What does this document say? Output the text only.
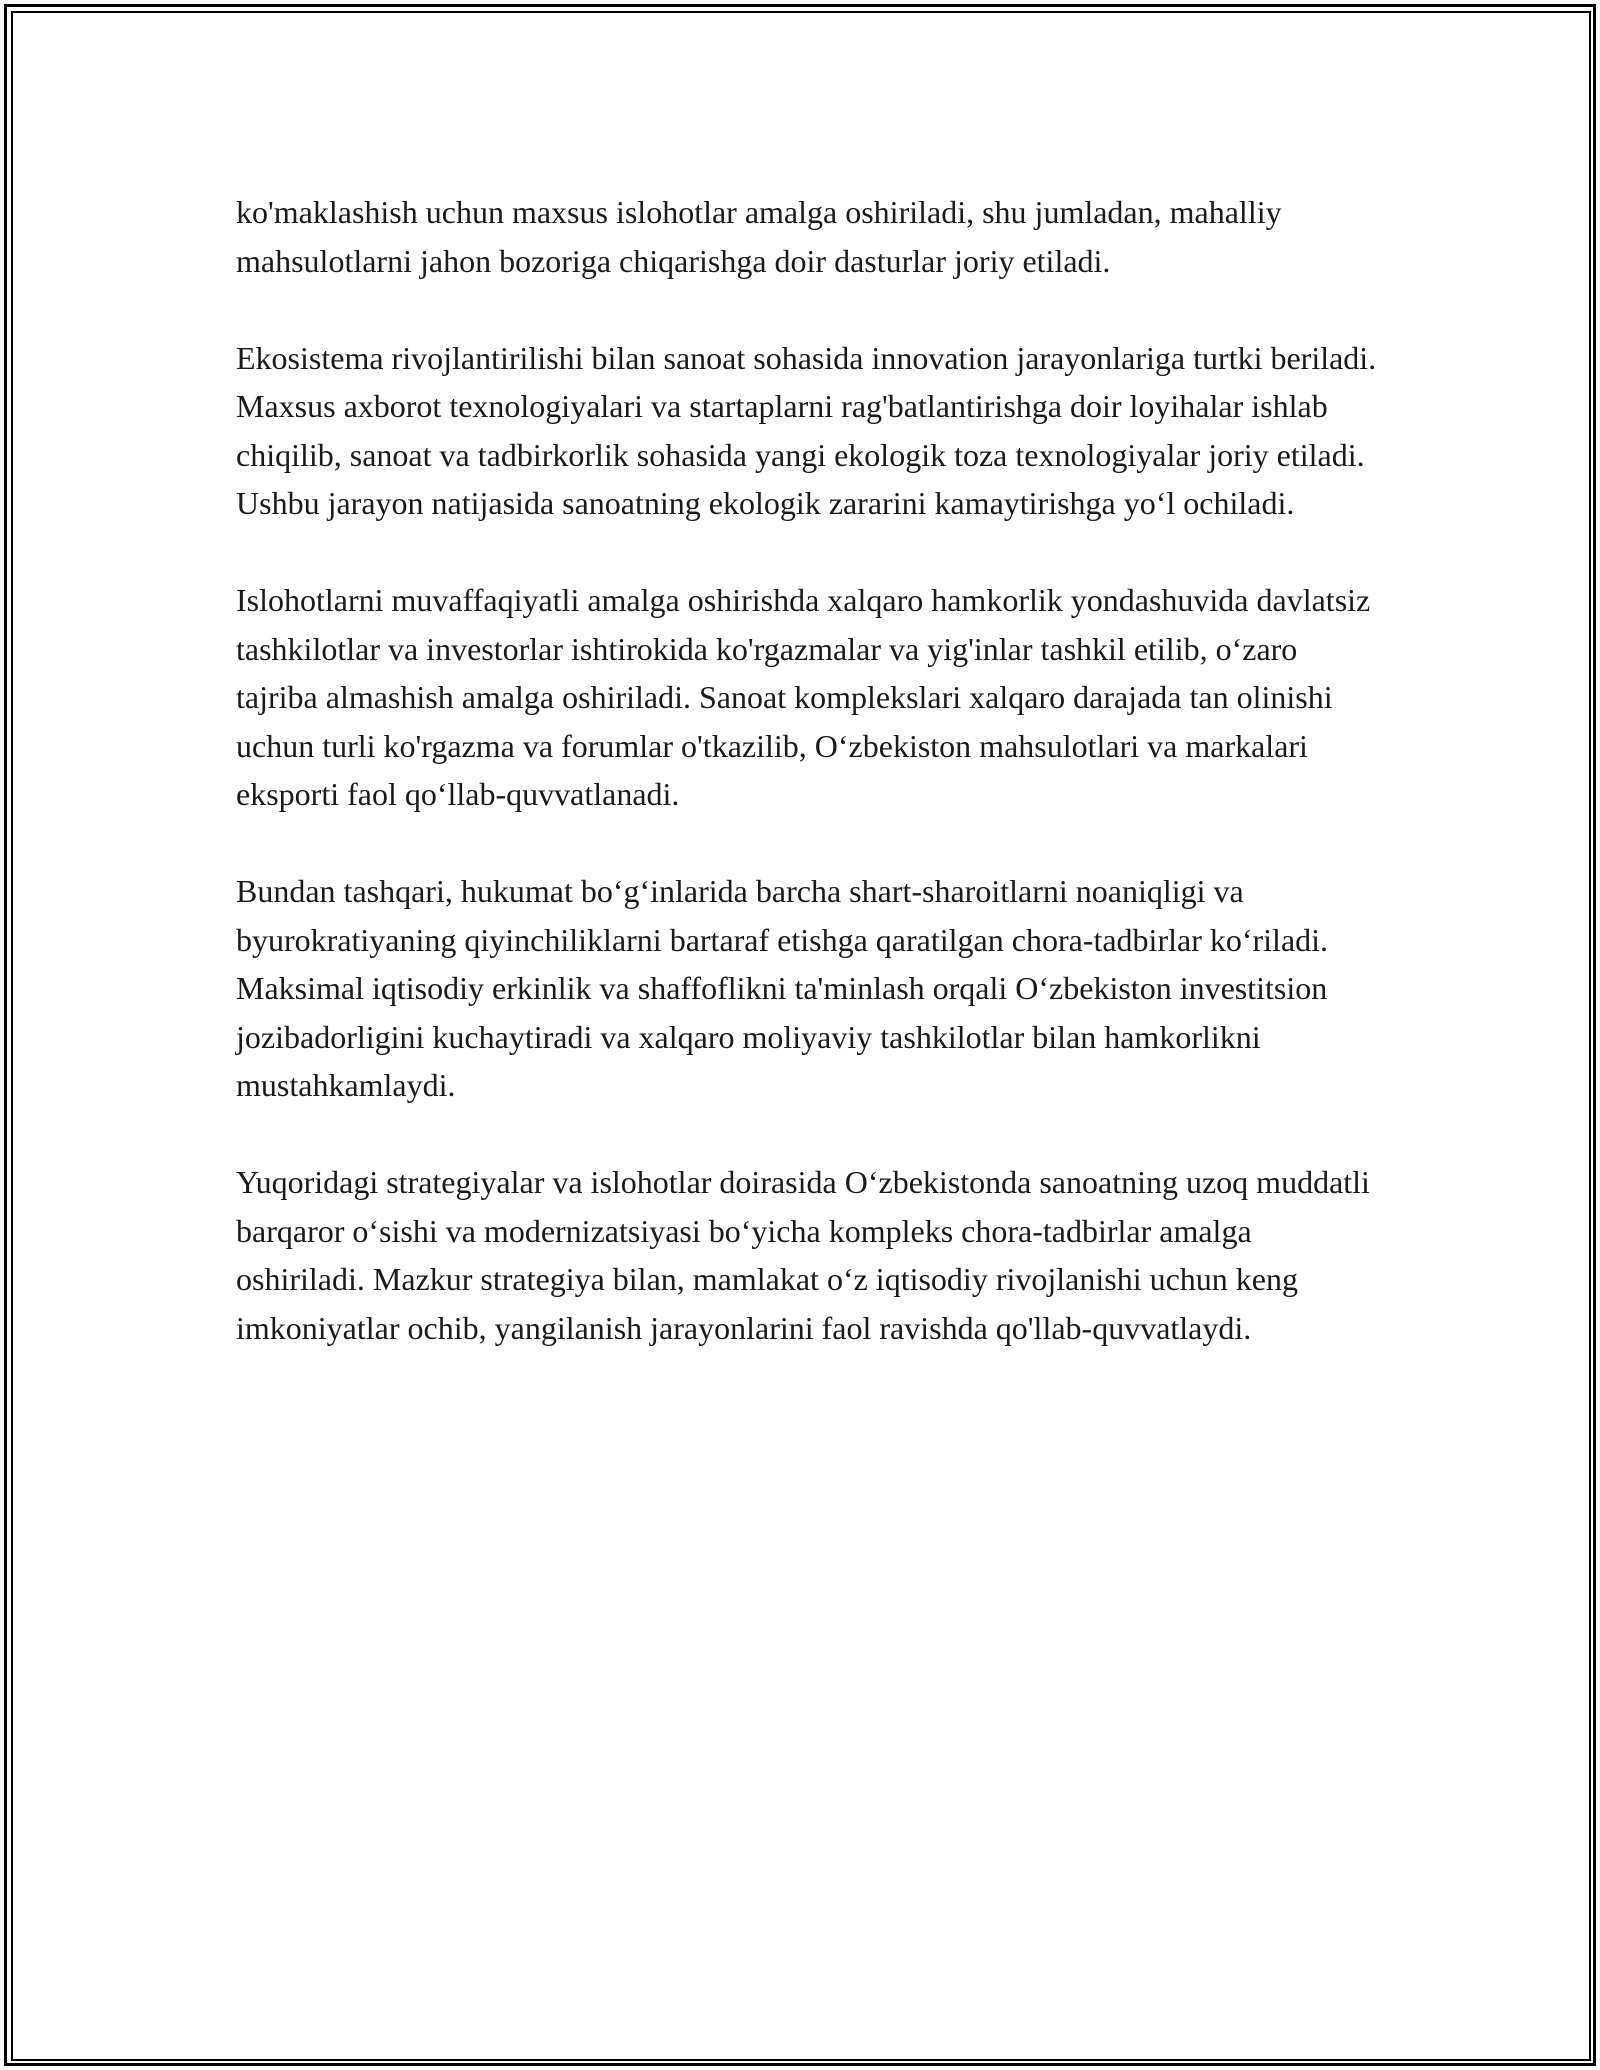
ko'maklashish uchun maxsus islohotlar amalga oshiriladi, shu jumladan, mahalliy mahsulotlarni jahon bozoriga chiqarishga doir dasturlar joriy etiladi.

Ekosistema rivojlantirilishi bilan sanoat sohasida innovation jarayonlariga turtki beriladi. Maxsus axborot texnologiyalari va startaplarni rag'batlantirishga doir loyihalar ishlab chiqilib, sanoat va tadbirkorlik sohasida yangi ekologik toza texnologiyalar joriy etiladi. Ushbu jarayon natijasida sanoatning ekologik zararini kamaytirishga yo‘l ochiladi.

Islohotlarni muvaffaqiyatli amalga oshirishda xalqaro hamkorlik yondashuvida davlatsiz tashkilotlar va investorlar ishtirokida ko'rgazmalar va yig'inlar tashkil etilib, o‘zaro tajriba almashish amalga oshiriladi. Sanoat komplekslari xalqaro darajada tan olinishi uchun turli ko'rgazma va forumlar o'tkazilib, O‘zbekiston mahsulotlari va markalari eksporti faol qo‘llab-quvvatlanadi.

Bundan tashqari, hukumat bo‘g‘inlarida barcha shart-sharoitlarni noaniqligi va byurokratiyaning qiyinchiliklarni bartaraf etishga qaratilgan chora-tadbirlar ko‘riladi. Maksimal iqtisodiy erkinlik va shaffoflikni ta'minlash orqali O‘zbekiston investitsion jozibadorligini kuchaytiradi va xalqaro moliyaviy tashkilotlar bilan hamkorlikni mustahkamlaydi.

Yuqoridagi strategiyalar va islohotlar doirasida O‘zbekistonda sanoatning uzoq muddatli barqaror o‘sishi va modernizatsiyasi bo‘yicha kompleks chora-tadbirlar amalga oshiriladi. Mazkur strategiya bilan, mamlakat o‘z iqtisodiy rivojlanishi uchun keng imkoniyatlar ochib, yangilanish jarayonlarini faol ravishda qo'llab-quvvatlaydi.
